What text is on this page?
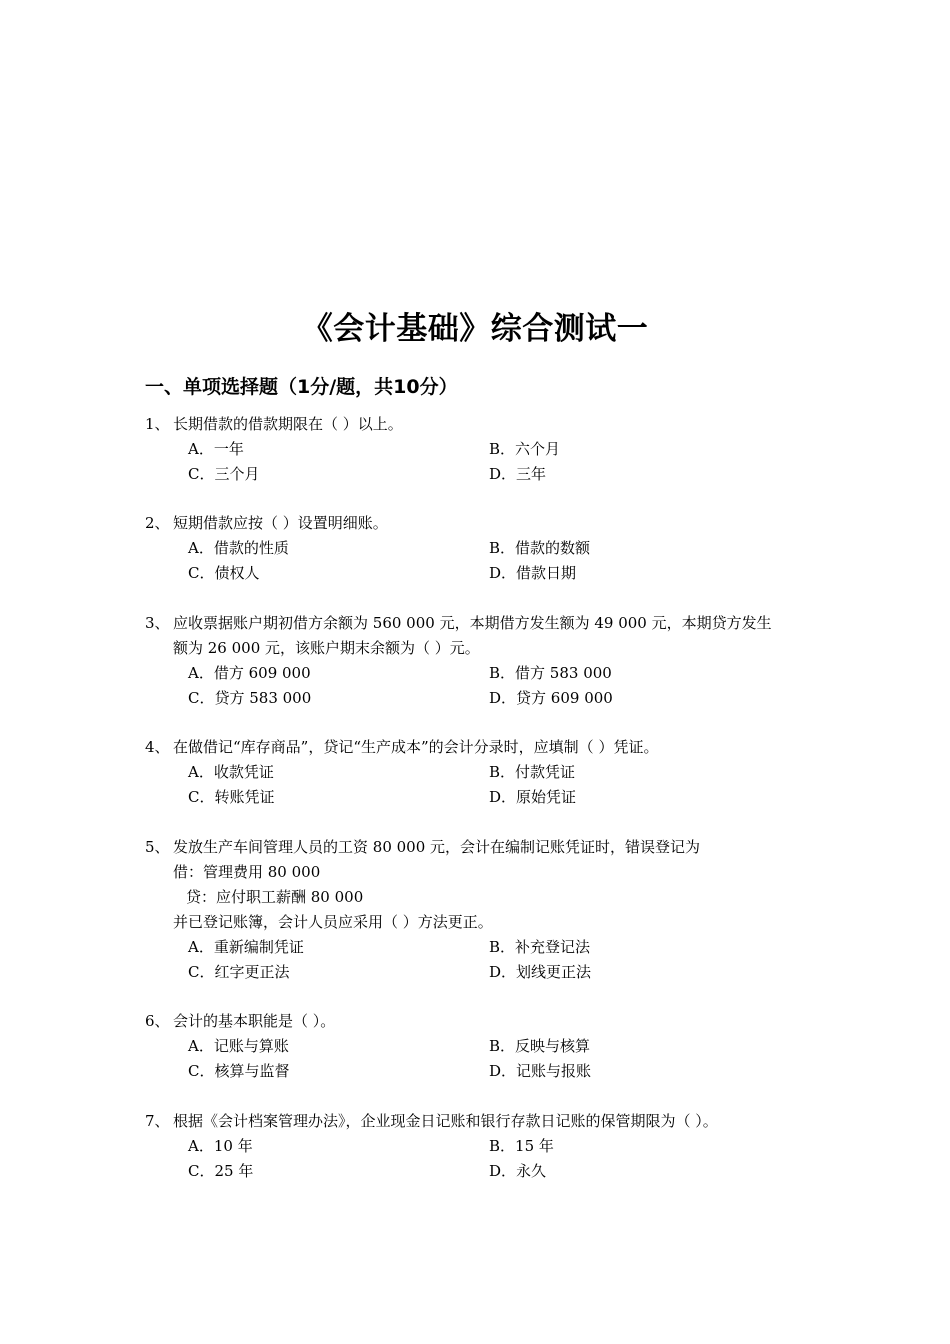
《会计基础》综合测试一
一、单项选择题（1分/题，共10分）
1、 长期借款的借款期限在（ ）以上。
A．一年	B．六个月
C．三个月	D．三年
2、 短期借款应按（ ）设置明细账。
A．借款的性质	B．借款的数额
C．债权人	D．借款日期
3、 应收票据账户期初借方余额为 560 000 元，本期借方发生额为 49 000 元，本期贷方发生
额为 26 000 元，该账户期末余额为（ ）元。
A．借方 609 000	B．借方 583 000
C．贷方 583 000	D．贷方 609 000
4、 在做借记“库存商品”，贷记“生产成本”的会计分录时，应填制（ ）凭证。
A．收款凭证	B．付款凭证
C．转账凭证	D．原始凭证
5、 发放生产车间管理人员的工资 80 000 元，会计在编制记账凭证时，错误登记为
借：管理费用 80 000
贷：应付职工薪酬 80 000
并已登记账簿，会计人员应采用（ ）方法更正。
A．重新编制凭证	B．补充登记法
C．红字更正法	D．划线更正法
6、 会计的基本职能是（ ）。
A．记账与算账	B．反映与核算
C．核算与监督	D．记账与报账
7、 根据《会计档案管理办法》，企业现金日记账和银行存款日记账的保管期限为（ ）。
A．10 年	B．15 年
C．25 年	D．永久
